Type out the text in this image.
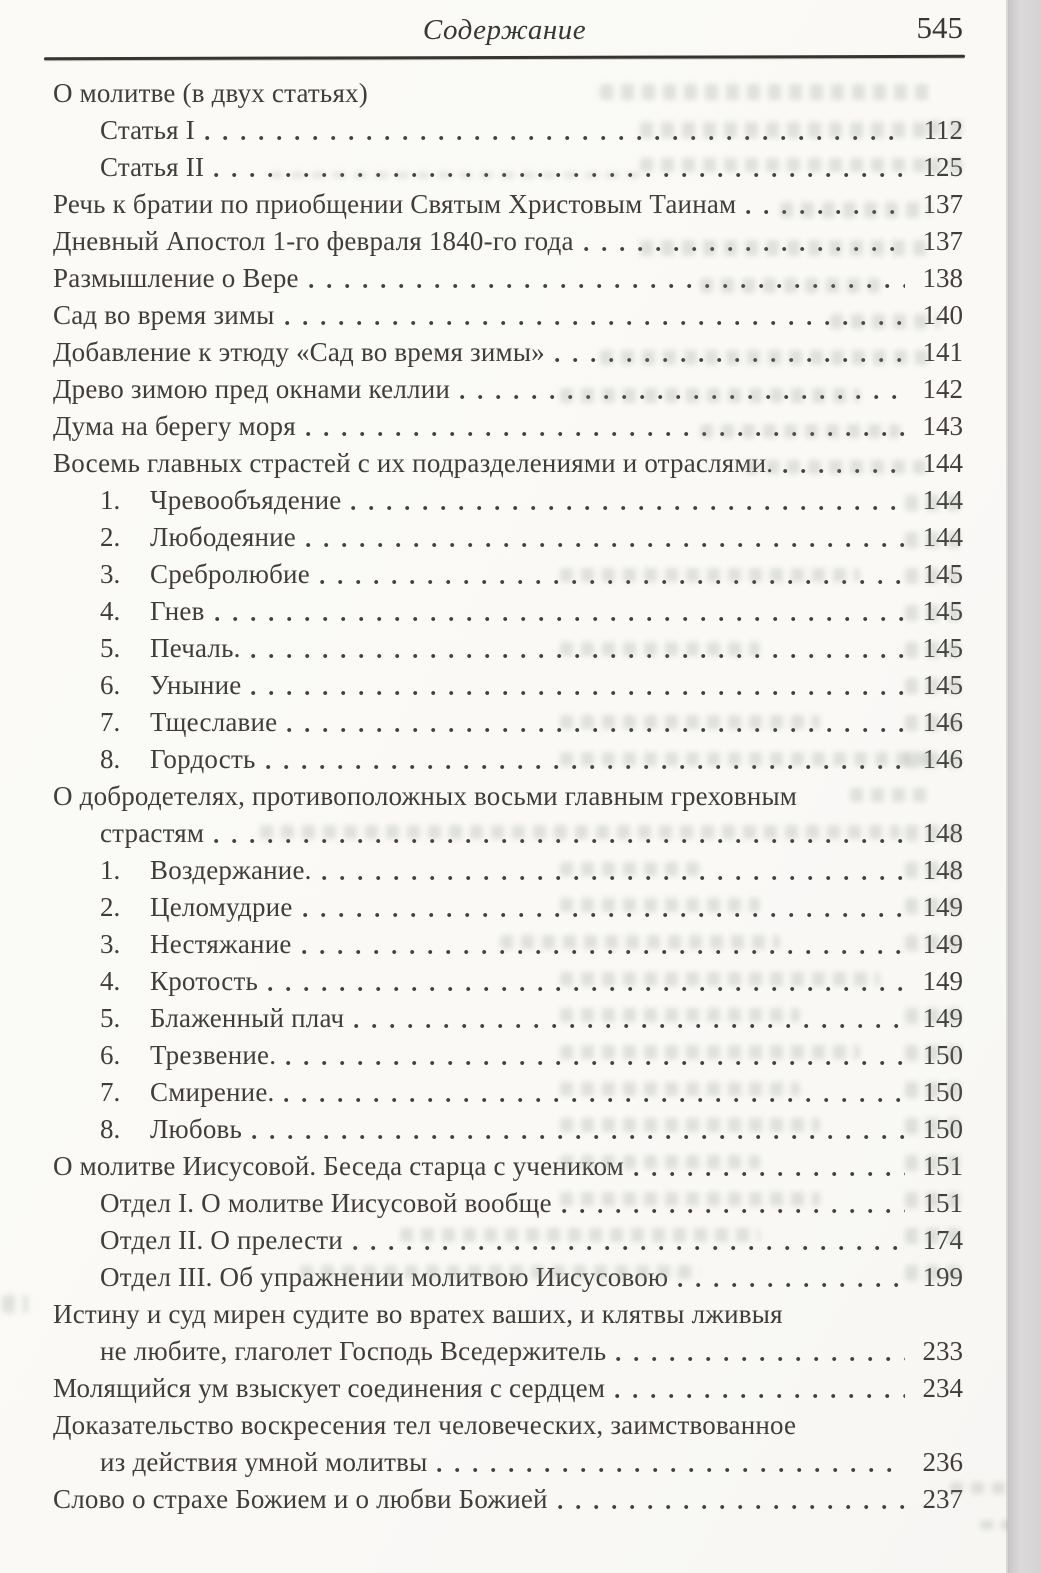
Содержание	545
О молитве (в двух статьях)
Статья I	112
Статья II	125
Речь к братии по приобщении Святым Христовым Таинам	137
Дневный Апостол 1-го февраля 1840-го года	137
Размышление о Вере	138
Сад во время зимы	140
Добавление к этюду «Сад во время зимы»	141
Древо зимою пред окнами келлии	142
Дума на берегу моря	143
Восемь главных страстей с их подразделениями и отраслями.	144
1.	Чревообъядение	144
2.	Любодеяние	144
3.	Сребролюбие	145
4.	Гнев	145
5.	Печаль.	145
6.	Уныние	145
7.	Тщеславие	146
8.	Гордость	146
О добродетелях, противоположных восьми главным греховным
страстям	148
1.	Воздержание.	148
2.	Целомудрие	149
3.	Нестяжание	149
4.	Кротость	149
5.	Блаженный плач	149
6.	Трезвение.	150
7.	Смирение.	150
8.	Любовь	150
О молитве Иисусовой. Беседа старца с учеником	151
Отдел I. О молитве Иисусовой вообще	151
Отдел II. О прелести	174
Отдел III. Об упражнении молитвою Иисусовою	199
Истину и суд мирен судите во вратех ваших, и клятвы лживыя
не любите, глаголет Господь Вседержитель	233
Молящийся ум взыскует соединения с сердцем	234
Доказательство воскресения тел человеческих, заимствованное
из действия умной молитвы	236
Слово о страхе Божием и о любви Божией	237
